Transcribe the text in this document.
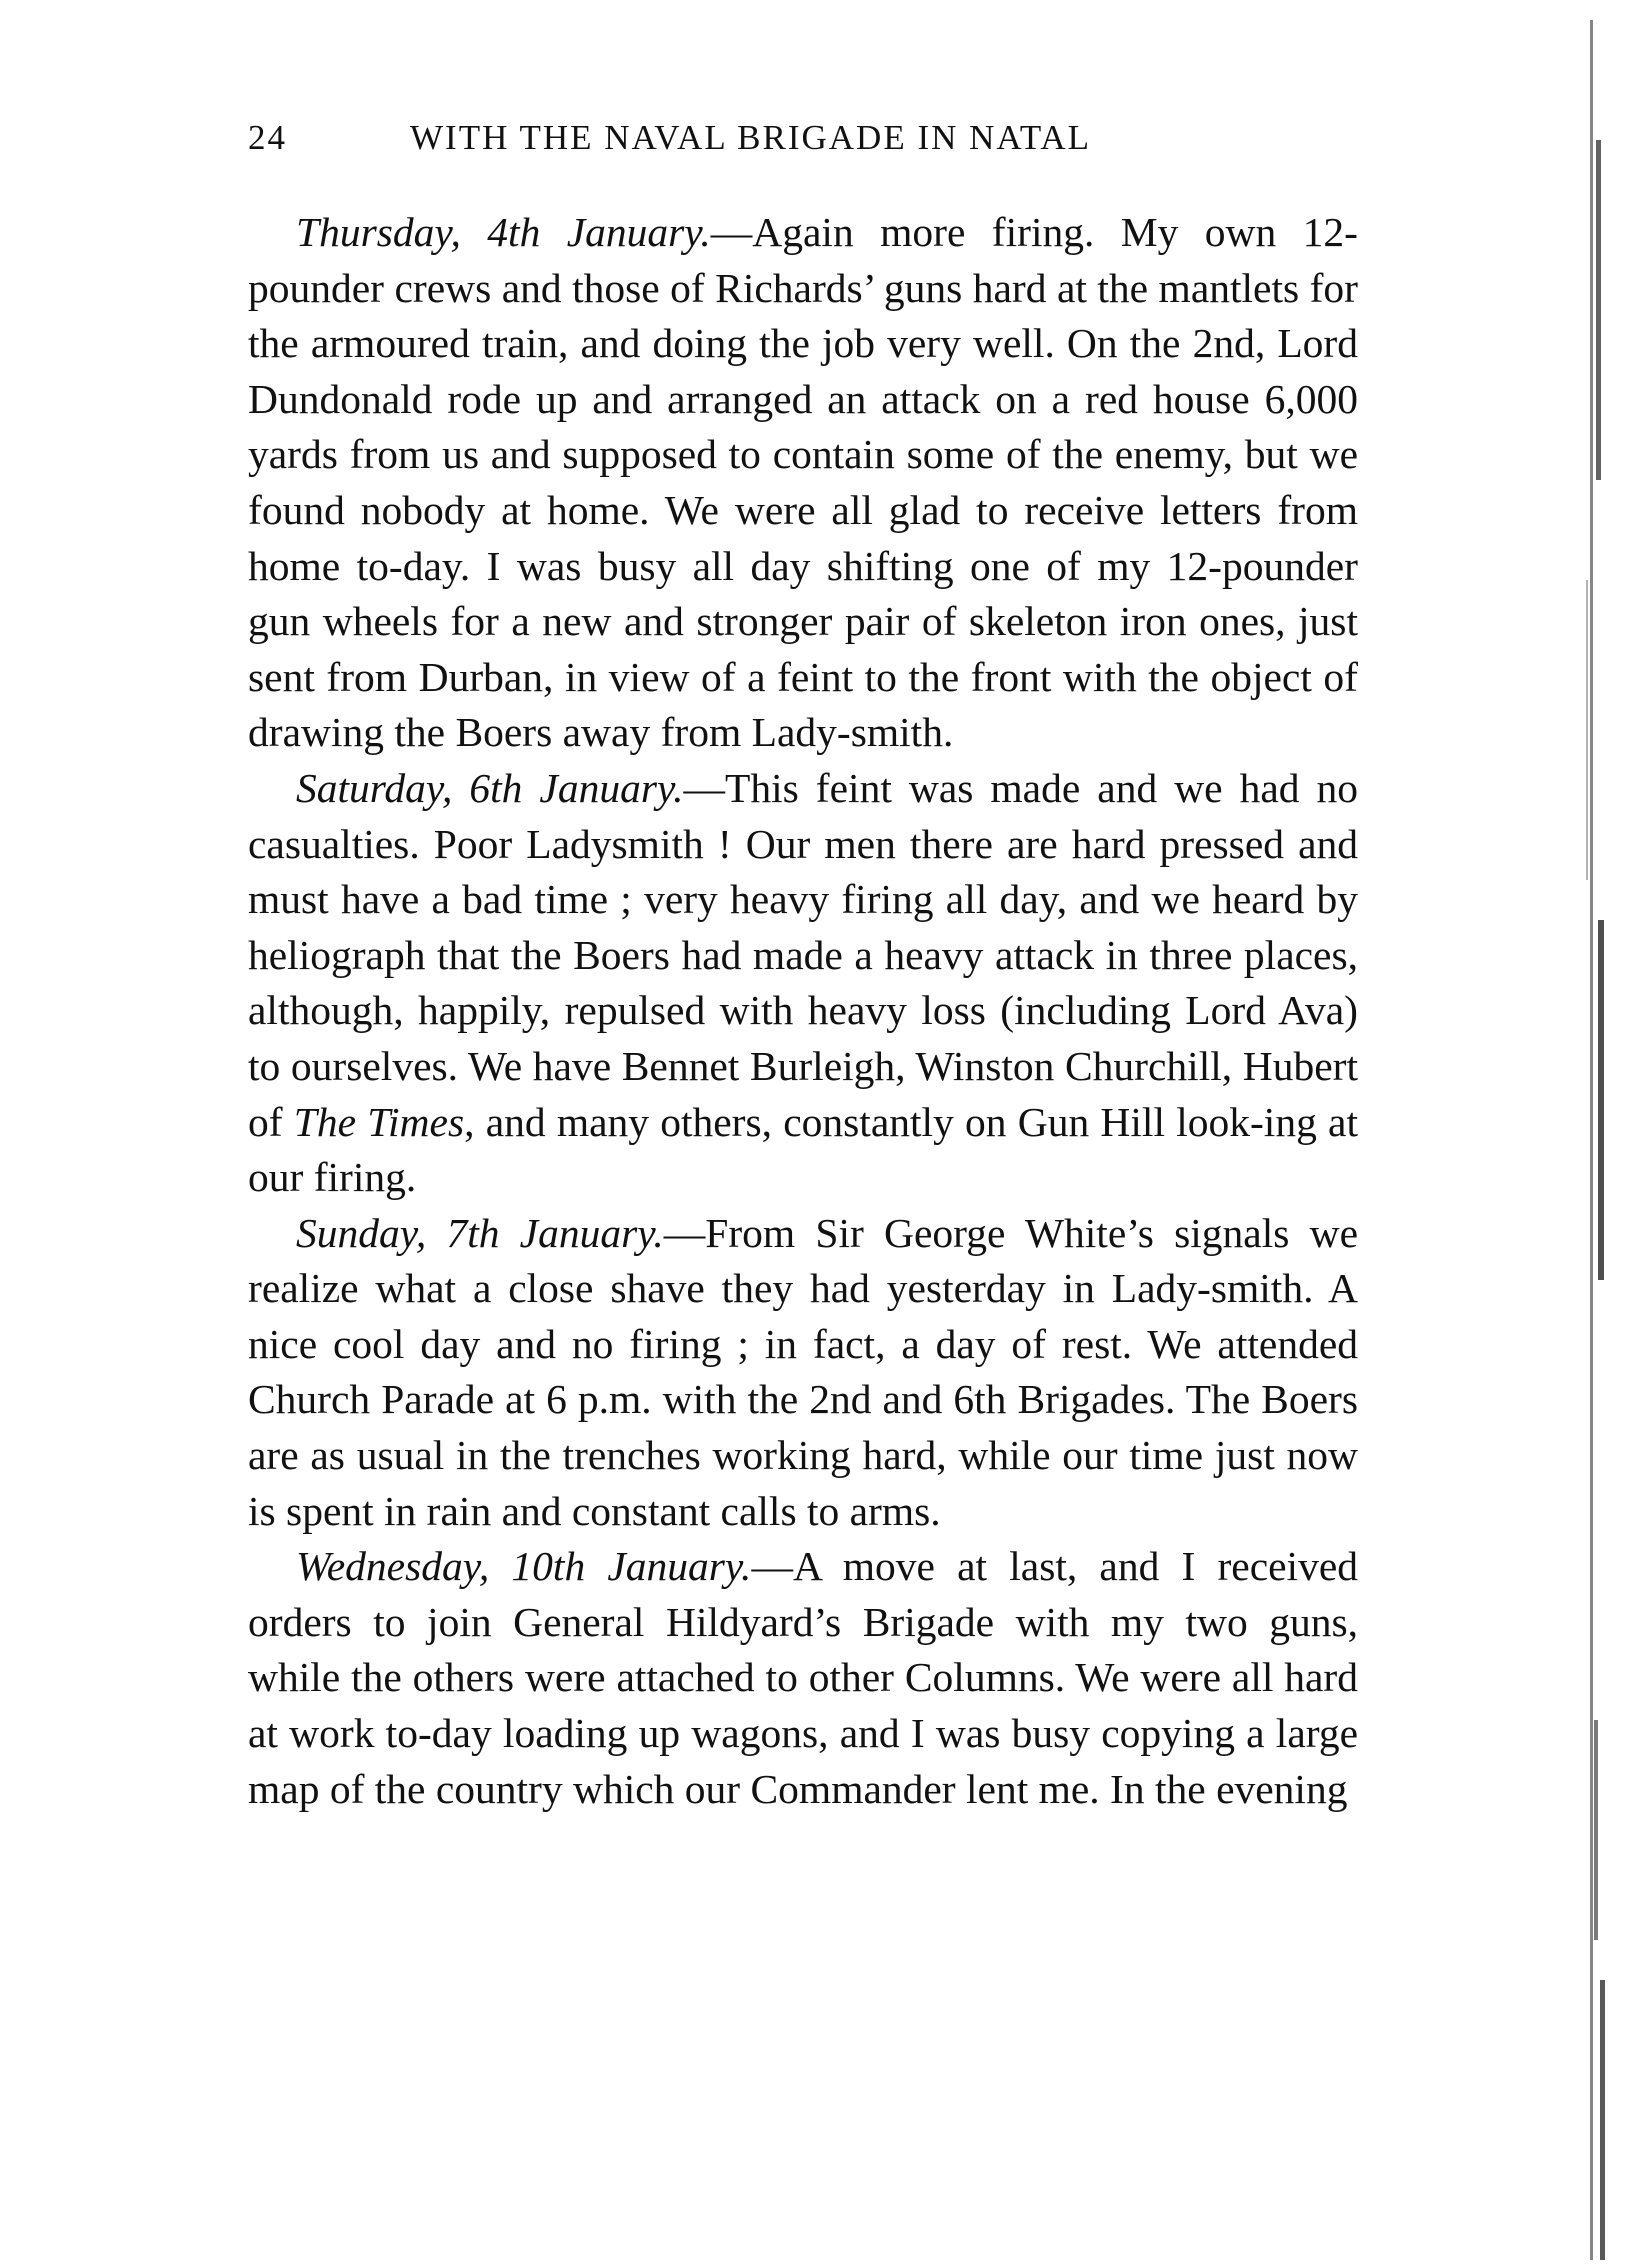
24	WITH THE NAVAL BRIGADE IN NATAL

Thursday, 4th January.—Again more firing. My own 12-pounder crews and those of Richards’ guns hard at the mantlets for the armoured train, and doing the job very well. On the 2nd, Lord Dundonald rode up and arranged an attack on a red house 6,000 yards from us and supposed to contain some of the enemy, but we found nobody at home. We were all glad to receive letters from home to-day. I was busy all day shifting one of my 12-pounder gun wheels for a new and stronger pair of skeleton iron ones, just sent from Durban, in view of a feint to the front with the object of drawing the Boers away from Lady-smith.

Saturday, 6th January.—This feint was made and we had no casualties. Poor Ladysmith ! Our men there are hard pressed and must have a bad time ; very heavy firing all day, and we heard by heliograph that the Boers had made a heavy attack in three places, although, happily, repulsed with heavy loss (including Lord Ava) to ourselves. We have Bennet Burleigh, Winston Churchill, Hubert of The Times, and many others, constantly on Gun Hill look-ing at our firing.

Sunday, 7th January.—From Sir George White’s signals we realize what a close shave they had yesterday in Lady-smith. A nice cool day and no firing ; in fact, a day of rest. We attended Church Parade at 6 p.m. with the 2nd and 6th Brigades. The Boers are as usual in the trenches working hard, while our time just now is spent in rain and constant calls to arms.

Wednesday, 10th January.—A move at last, and I received orders to join General Hildyard’s Brigade with my two guns, while the others were attached to other Columns. We were all hard at work to-day loading up wagons, and I was busy copying a large map of the country which our Commander lent me. In the evening
